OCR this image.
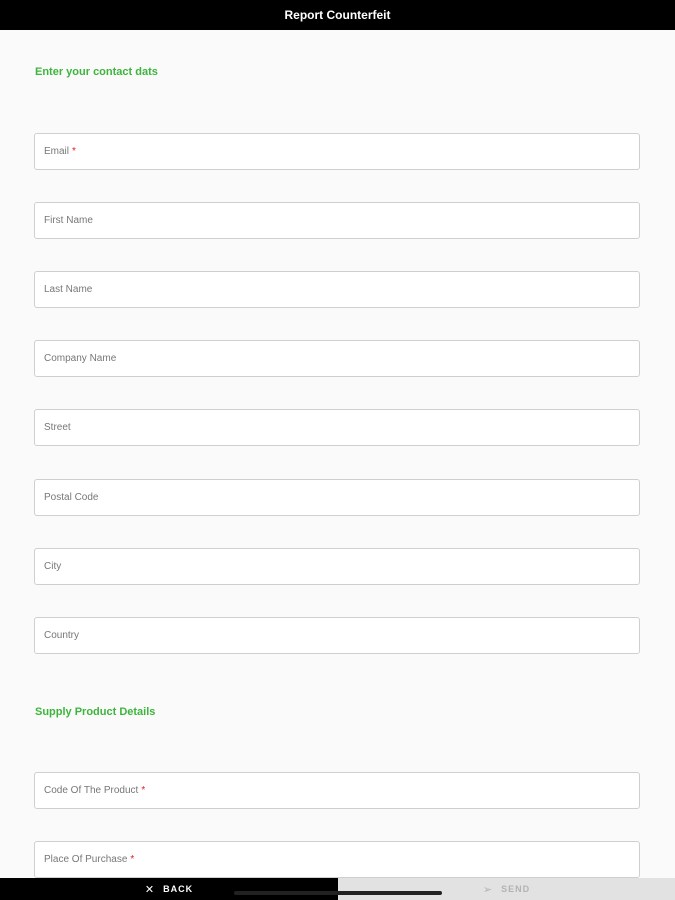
Report Counterfeit
Enter your contact dats
Email *
First Name
Last Name
Company Name
Street
Postal Code
City
Country
Supply Product Details
Code Of The Product *
Place Of Purchase *
✕ BACK	➢ SEND
